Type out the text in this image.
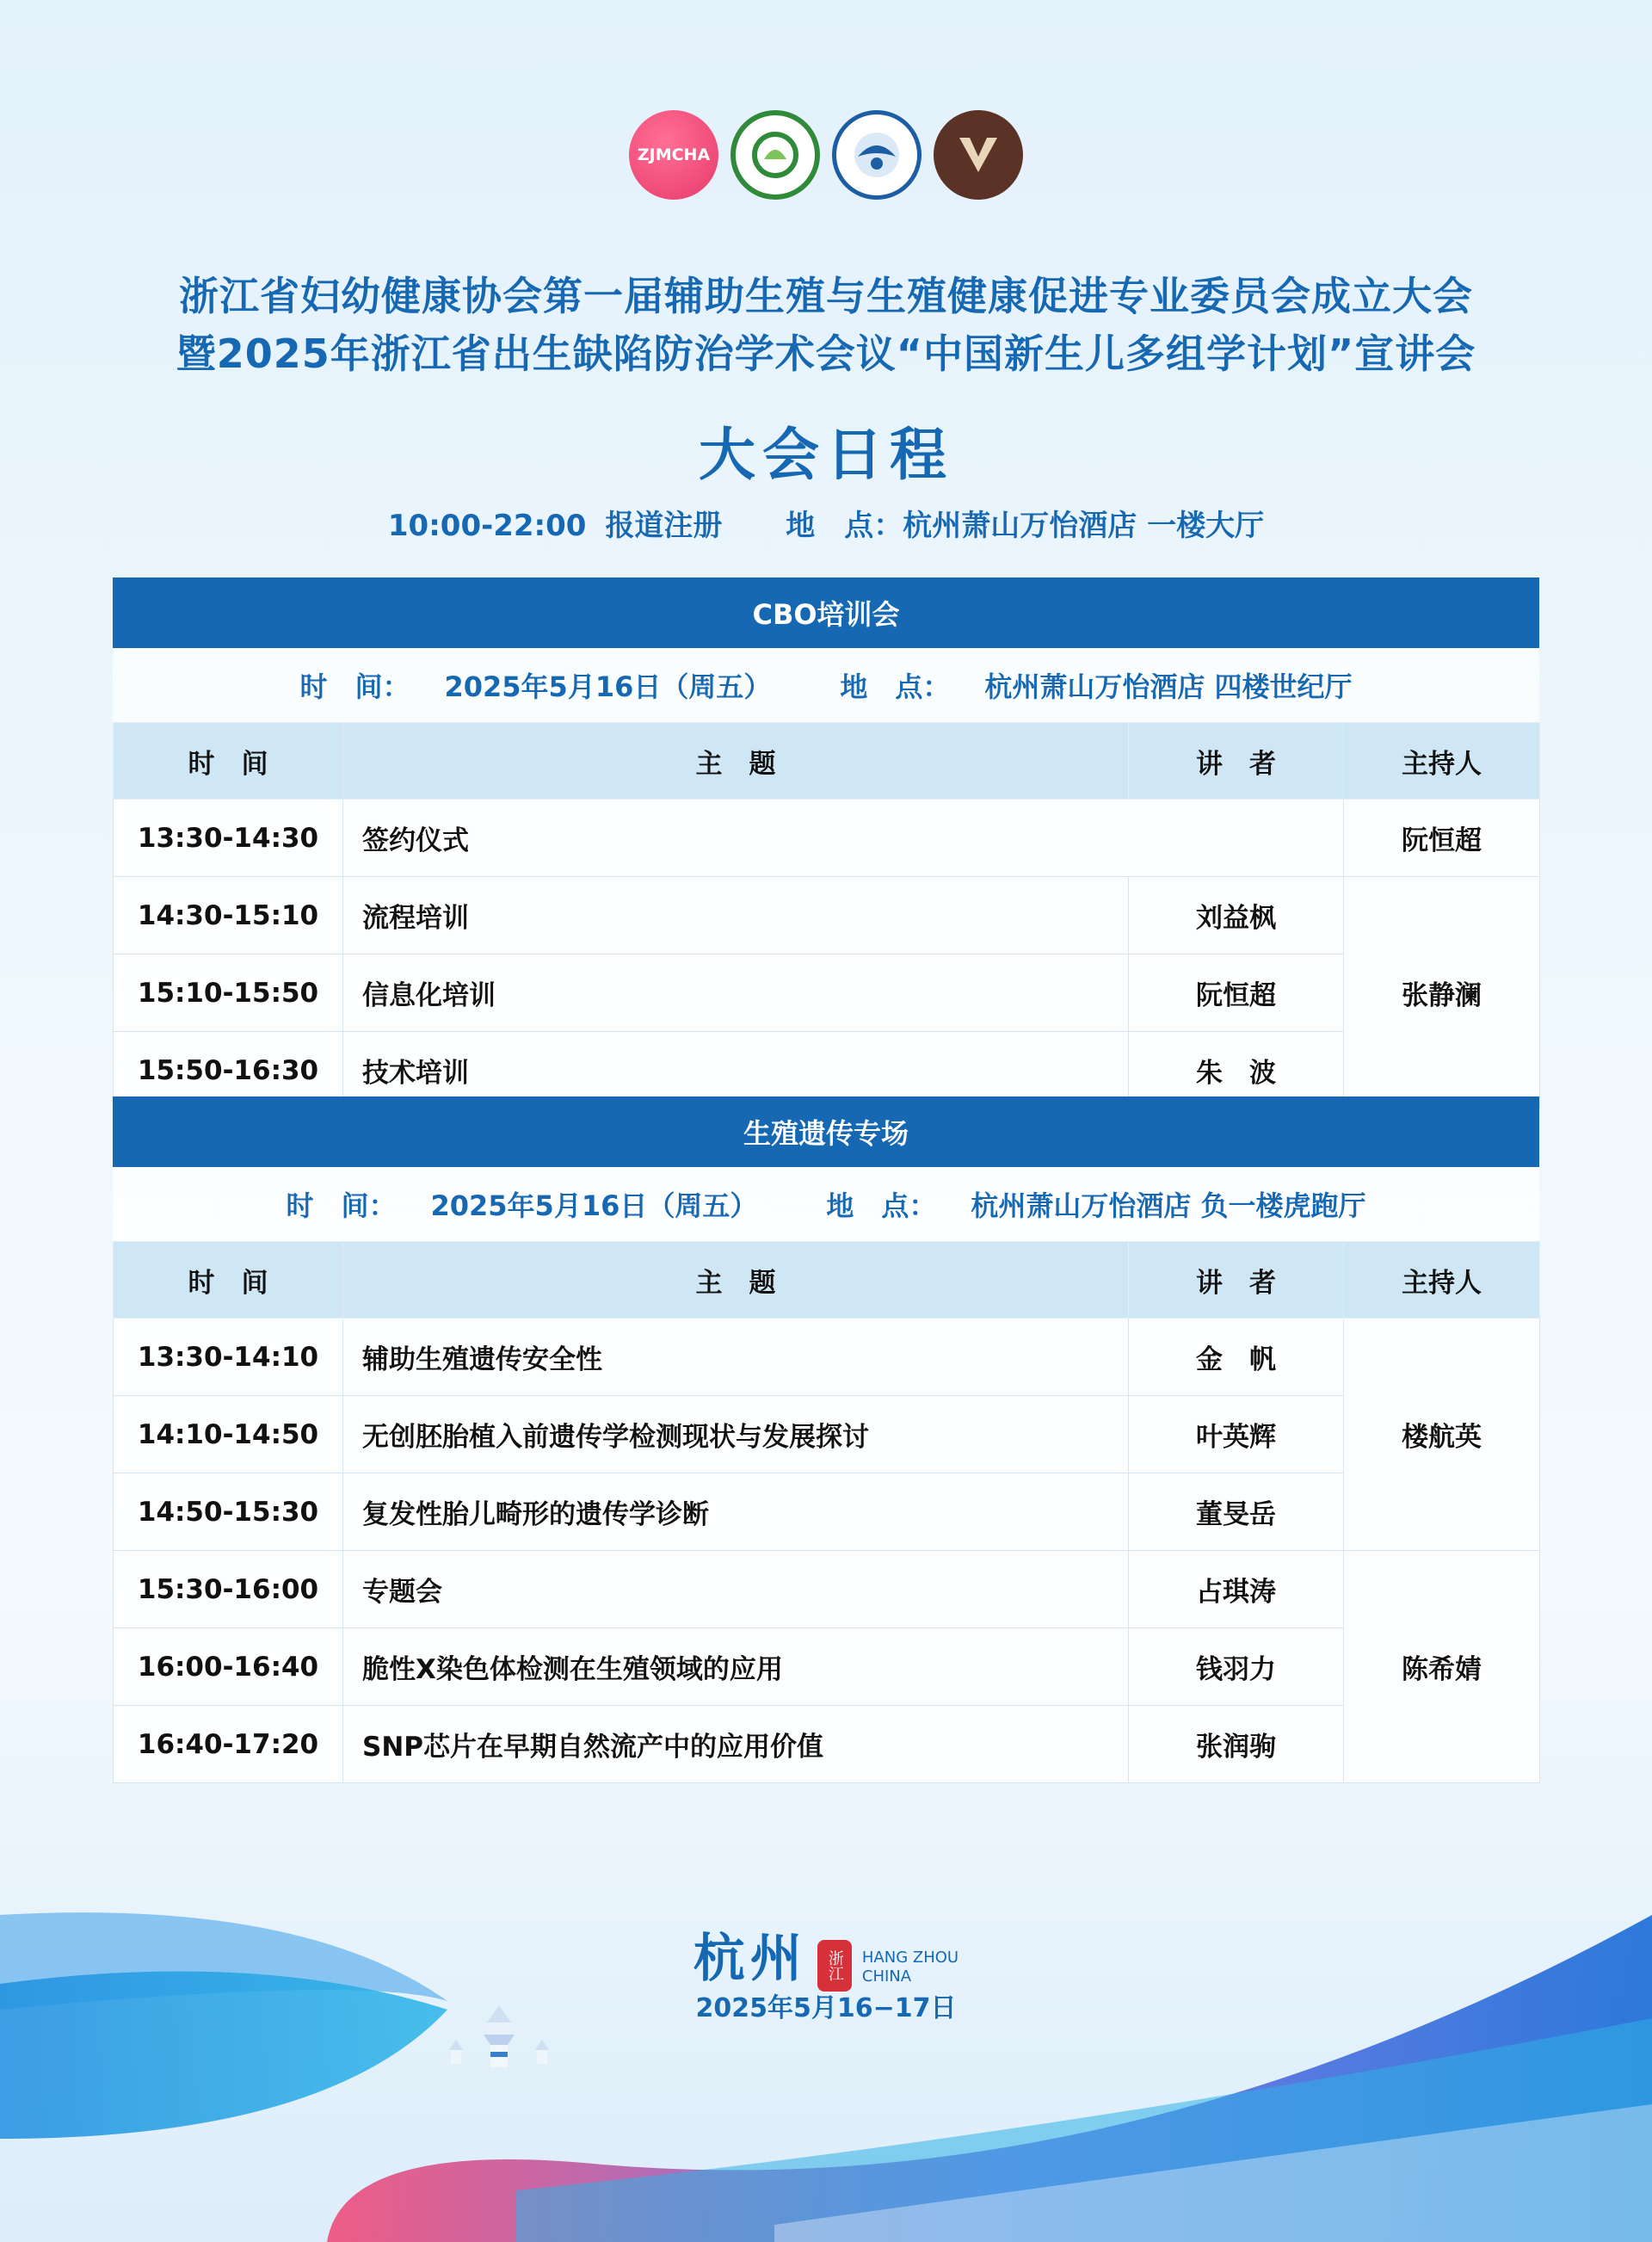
ZJMCHA
浙江省妇幼健康协会第一届辅助生殖与生殖健康促进专业委员会成立大会
暨2025年浙江省出生缺陷防治学术会议“中国新生儿多组学计划”宣讲会
大会日程
10:00-22:00 报道注册 地　点：杭州萧山万怡酒店 一楼大厅
CBO培训会
时　间： 2025年5月16日（周五）	地　点： 杭州萧山万怡酒店 四楼世纪厅
时　间	主　题	讲　者	主持人
13:30-14:30	签约仪式		阮恒超
14:30-15:10	流程培训	刘益枫	张静澜
15:10-15:50	信息化培训	阮恒超	
15:50-16:30	技术培训	朱　波	
生殖遗传专场
时　间： 2025年5月16日（周五）	地　点： 杭州萧山万怡酒店 负一楼虎跑厅
时　间	主　题	讲　者	主持人
13:30-14:10	辅助生殖遗传安全性	金　帆	楼航英
14:10-14:50	无创胚胎植入前遗传学检测现状与发展探讨	叶英辉	
14:50-15:30	复发性胎儿畸形的遗传学诊断	董旻岳	
15:30-16:00	专题会	占琪涛	陈希婧
16:00-16:40	脆性X染色体检测在生殖领域的应用	钱羽力	
16:40-17:20	SNP芯片在早期自然流产中的应用价值	张润驹	
杭州	浙江	HANG ZHOU
CHINA
2025年5月16−17日
